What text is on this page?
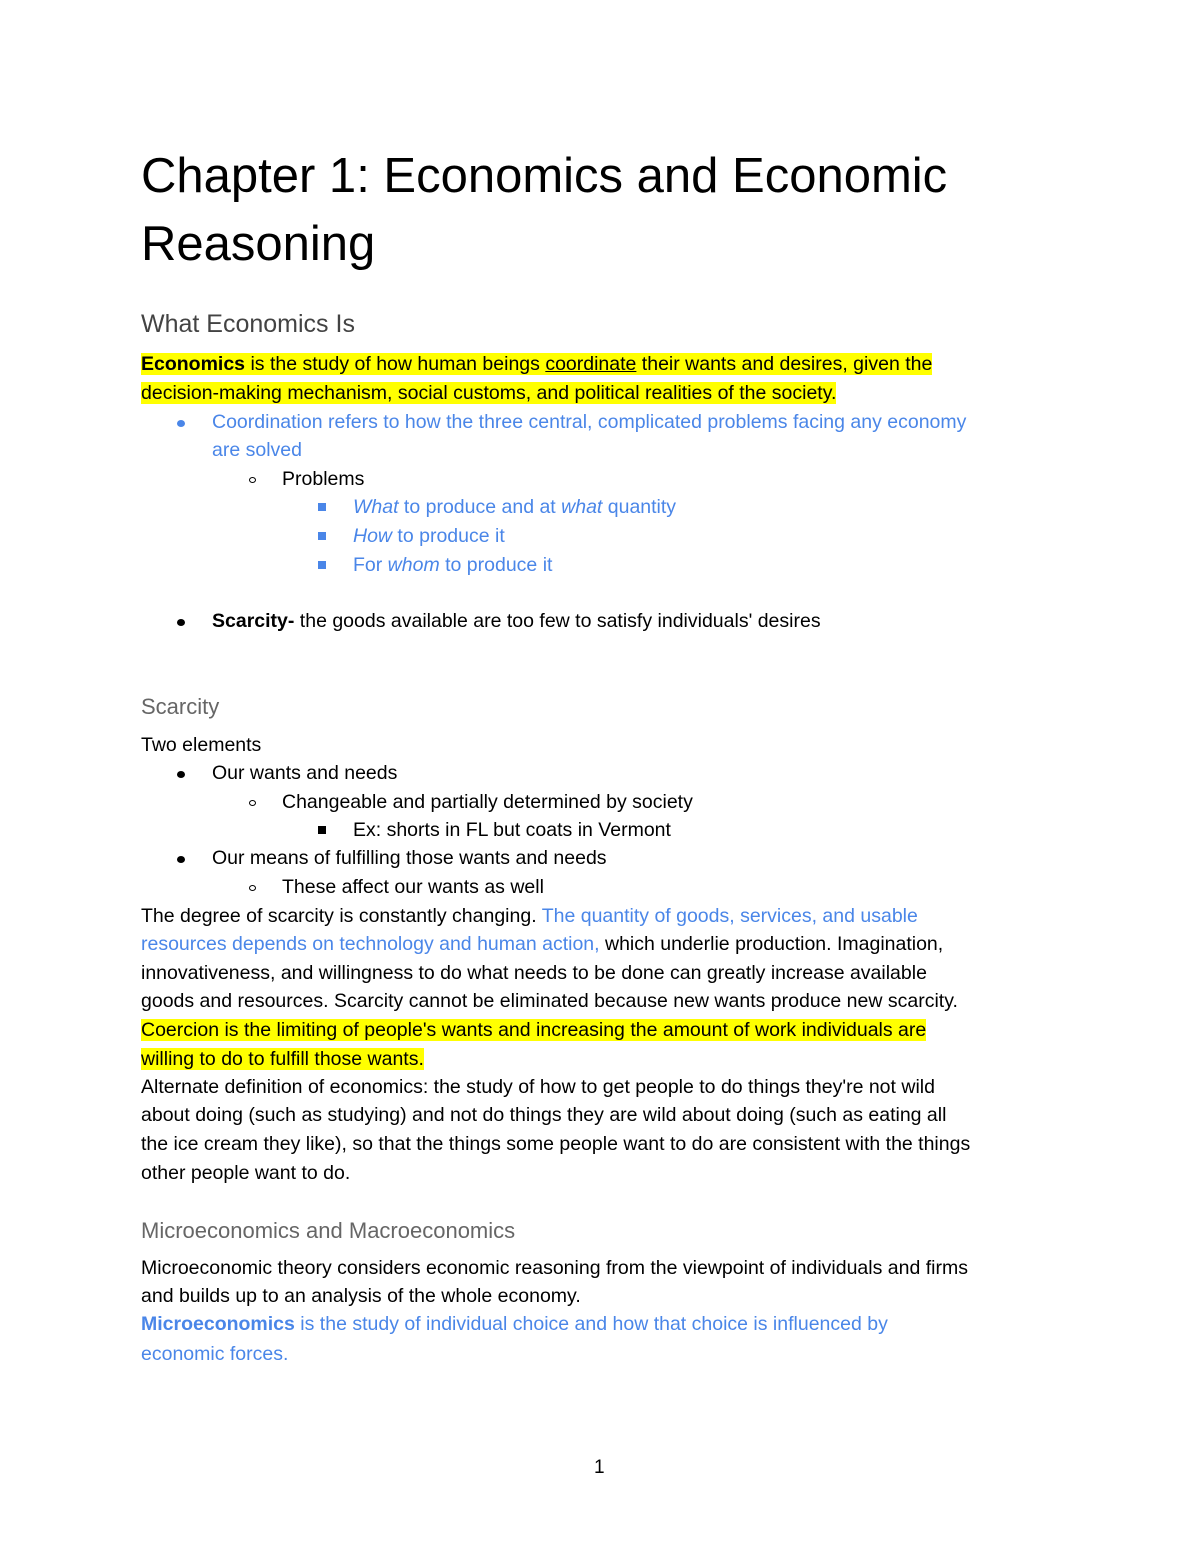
Chapter 1: Economics and Economic Reasoning
What Economics Is
Economics is the study of how human beings coordinate their wants and desires, given the
decision-making mechanism, social customs, and political realities of the society.
Coordination refers to how the three central, complicated problems facing any economy
are solved
Problems
What to produce and at what quantity
How to produce it
For whom to produce it
Scarcity- the goods available are too few to satisfy individuals' desires
Scarcity
Two elements
Our wants and needs
Changeable and partially determined by society
Ex: shorts in FL but coats in Vermont
Our means of fulfilling those wants and needs
These affect our wants as well
The degree of scarcity is constantly changing. The quantity of goods, services, and usable
resources depends on technology and human action, which underlie production. Imagination,
innovativeness, and willingness to do what needs to be done can greatly increase available
goods and resources. Scarcity cannot be eliminated because new wants produce new scarcity.
Coercion is the limiting of people's wants and increasing the amount of work individuals are
willing to do to fulfill those wants.
Alternate definition of economics: the study of how to get people to do things they're not wild
about doing (such as studying) and not do things they are wild about doing (such as eating all
the ice cream they like), so that the things some people want to do are consistent with the things
other people want to do.
Microeconomics and Macroeconomics
Microeconomic theory considers economic reasoning from the viewpoint of individuals and firms
and builds up to an analysis of the whole economy.
Microeconomics is the study of individual choice and how that choice is influenced by
economic forces.
1
